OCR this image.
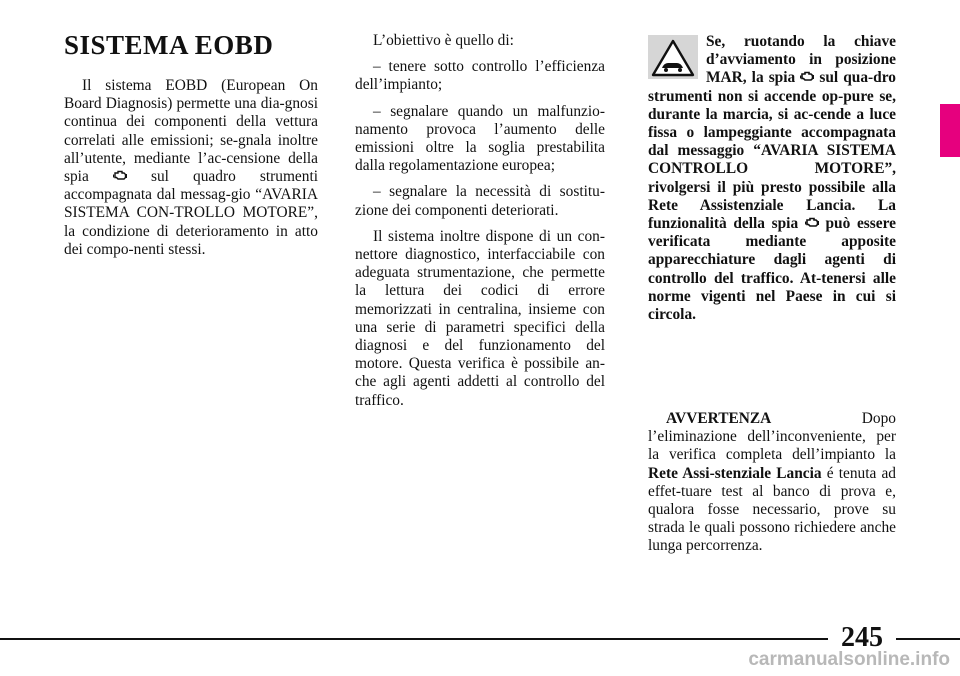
SISTEMA EOBD

Il sistema EOBD (European On Board Diagnosis) permette una dia-gnosi continua dei componenti della vettura correlati alle emissioni; se-gnala inoltre all’utente, mediante l’ac-censione della spia	sul quadro strumenti accompagnata dal messag-gio “AVARIA SISTEMA CON-TROLLO MOTORE”, la condizione di deterioramento in atto dei compo-nenti stessi.

L’obiettivo è quello di:

– tenere sotto controllo l’efficienza dell’impianto;

– segnalare quando un malfunzio-namento provoca l’aumento delle emissioni oltre la soglia prestabilita dalla regolamentazione europea;

– segnalare la necessità di sostitu-zione dei componenti deteriorati.

Il sistema inoltre dispone di un con-nettore diagnostico, interfacciabile con adeguata strumentazione, che permette la lettura dei codici di errore memorizzati in centralina, insieme con una serie di parametri specifici della diagnosi e del funzionamento del motore. Questa verifica è possibile an-che agli agenti addetti al controllo del traffico.

Se, ruotando la chiave d’avviamento in posizione MAR, la spia sul qua-dro strumenti non si accende op-pure se, durante la marcia, si ac-cende a luce fissa o lampeggiante accompagnata dal messaggio “AVARIA SISTEMA CONTROLLO MOTORE”, rivolgersi il più presto possibile alla Rete Assistenziale Lancia. La funzionalità della spia può essere verificata mediante apposite apparecchiature dagli agenti di controllo del traffico. At-tenersi alle norme vigenti nel Paese in cui si circola.

AVVERTENZA	Dopo l’eliminazione dell’inconveniente, per la verifica completa dell’impianto la Rete Assi-stenziale Lancia é tenuta ad effet-tuare test al banco di prova e, qualora fosse necessario, prove su strada le quali possono richiedere anche lunga percorrenza.

245
carmanualsonline.info
